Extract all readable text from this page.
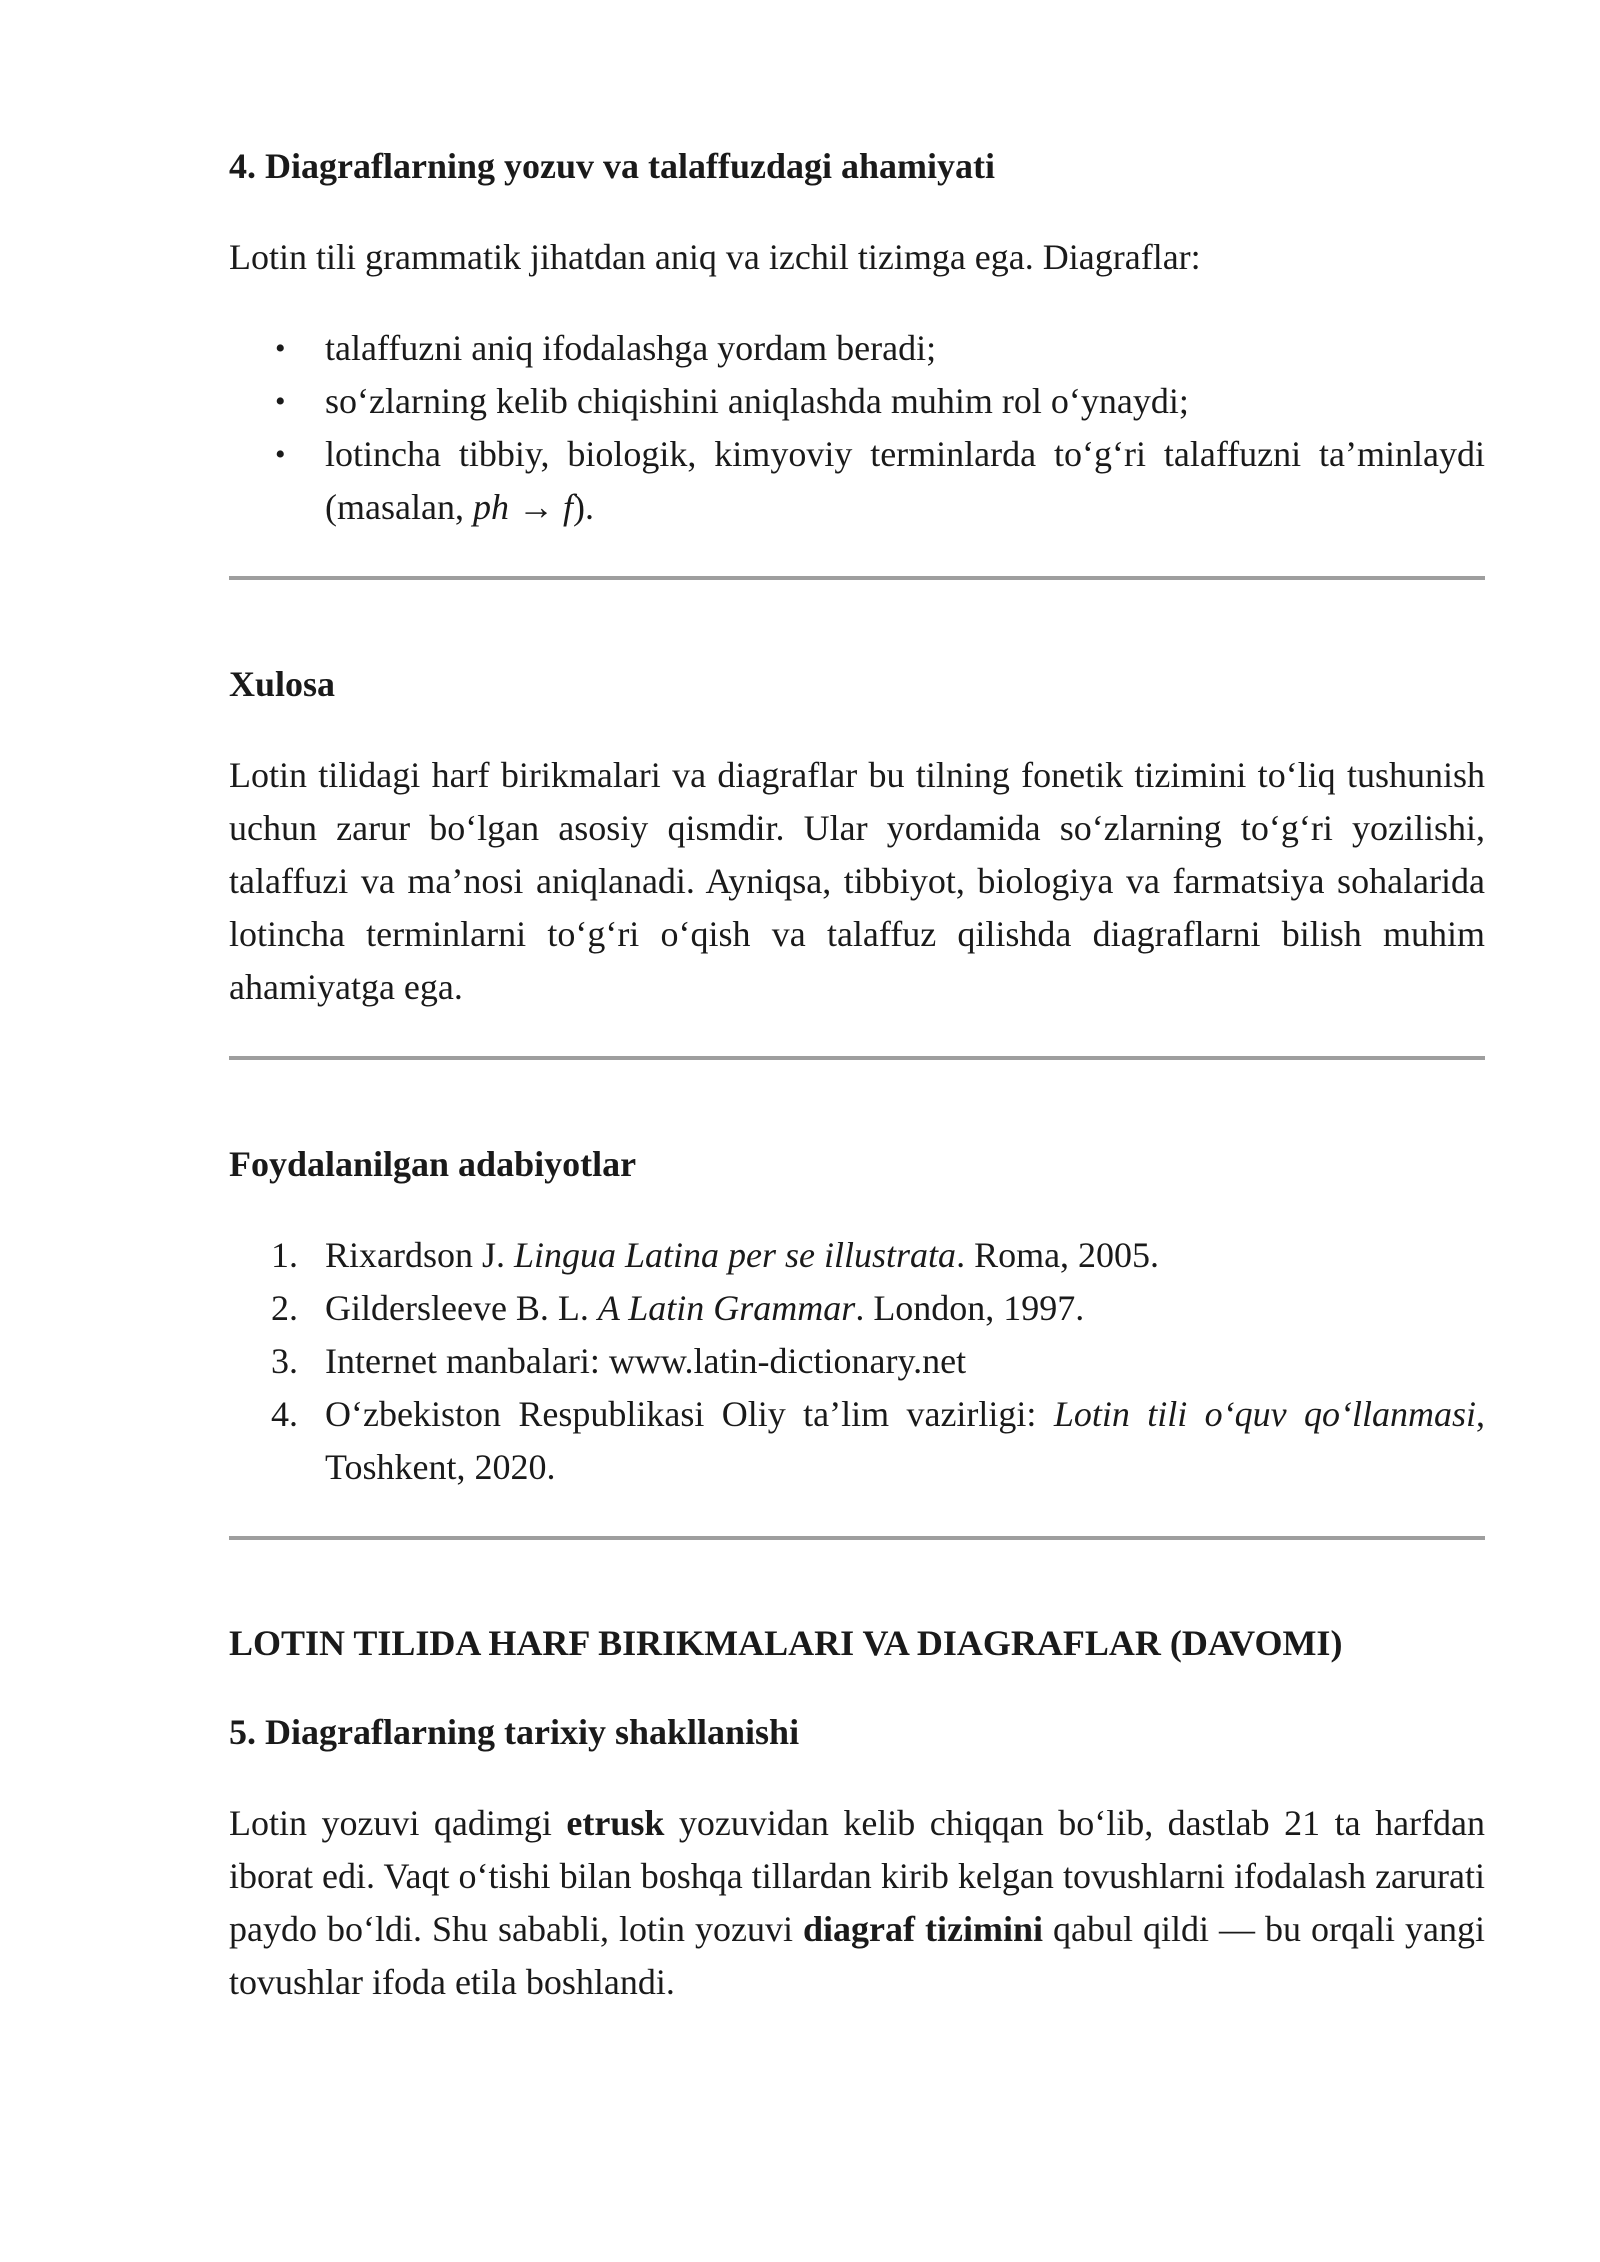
4. Diagraflarning yozuv va talaffuzdagi ahamiyati

Lotin tili grammatik jihatdan aniq va izchil tizimga ega. Diagraflar:

• talaffuzni aniq ifodalashga yordam beradi;
• so‘zlarning kelib chiqishini aniqlashda muhim rol o‘ynaydi;
• lotincha tibbiy, biologik, kimyoviy terminlarda to‘g‘ri talaffuzni ta’minlaydi (masalan, ph → f).
Xulosa

Lotin tilidagi harf birikmalari va diagraflar bu tilning fonetik tizimini to‘liq tushunish uchun zarur bo‘lgan asosiy qismdir. Ular yordamida so‘zlarning to‘g‘ri yozilishi, talaffuzi va ma’nosi aniqlanadi. Ayniqsa, tibbiyot, biologiya va farmatsiya sohalarida lotincha terminlarni to‘g‘ri o‘qish va talaffuz qilishda diagraflarni bilish muhim ahamiyatga ega.

Foydalanilgan adabiyotlar
1. Rixardson J. Lingua Latina per se illustrata. Roma, 2005.
2. Gildersleeve B. L. A Latin Grammar. London, 1997.
3. Internet manbalari: www.latin-dictionary.net
4. O‘zbekiston Respublikasi Oliy ta’lim vazirligi: Lotin tili o‘quv qo‘llanmasi, Toshkent, 2020.
LOTIN TILIDA HARF BIRIKMALARI VA DIAGRAFLAR (DAVOMI)
5. Diagraflarning tarixiy shakllanishi

Lotin yozuvi qadimgi etrusk yozuvidan kelib chiqqan bo‘lib, dastlab 21 ta harfdan iborat edi. Vaqt o‘tishi bilan boshqa tillardan kirib kelgan tovushlarni ifodalash zarurati paydo bo‘ldi. Shu sababli, lotin yozuvi diagraf tizimini qabul qildi — bu orqali yangi tovushlar ifoda etila boshlandi.
